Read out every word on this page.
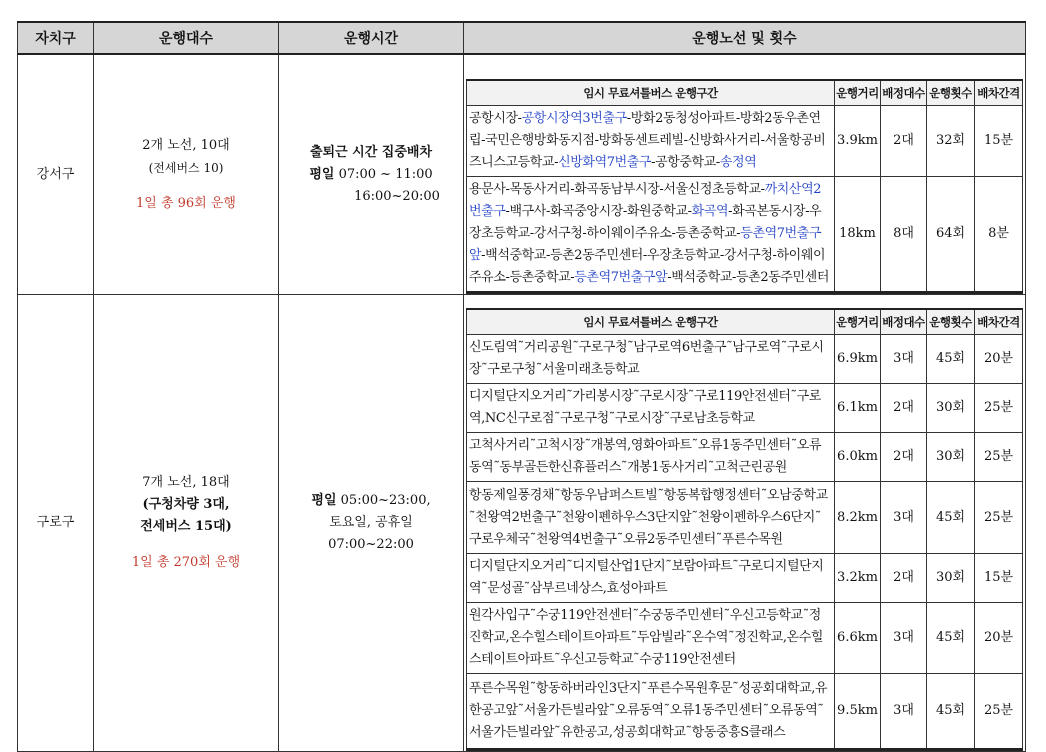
자치구	운행대수	운행시간	운행노선 및 횟수
강서구	
2개 노선, 10대
(전세버스 10)
1일 총 96회 운행

출퇴근 시간 집중배차
평일 07:00 ~ 11:00
16:00~20:00

임시 무료셔틀버스 운행구간	운행거리	배정대수	운행횟수	배차간격
공항시장-공항시장역3번출구-방화2동청성아파트-방화2동우촌연립-국민은행방화동지점-방화동센트레빌-신방화사거리-서울항공비즈니스고등학교-신방화역7번출구-공항중학교-송정역	3.9km	2대	32회	15분
용문사-목동사거리-화곡동남부시장-서울신정초등학교-까치산역2번출구-백구사-화곡중앙시장-화원중학교-화곡역-화곡본동시장-우장초등학교-강서구청-하이웨이주유소-등촌중학교-등촌역7번출구앞-백석중학교-등촌2동주민센터-우장초등학교-강서구청-하이웨이주유소-등촌중학교-등촌역7번출구앞-백석중학교-등촌2동주민센터	18km	8대	64회	8분

구로구	
7개 노선, 18대
(구청차량 3대,
전세버스 15대)
1일 총 270회 운행

평일 05:00~23:00,
토요일, 공휴일
07:00~22:00

임시 무료셔틀버스 운행구간	운행거리	배정대수	운행횟수	배차간격
신도림역˜거리공원˜구로구청˜남구로역6번출구˜남구로역˜구로시장˜구로구청˜서울미래초등학교	6.9km	3대	45회	20분
디지털단지오거리˜가리봉시장˜구로시장˜구로119안전센터˜구로역,NC신구로점˜구로구청˜구로시장˜구로남초등학교	6.1km	2대	30회	25분
고척사거리˜고척시장˜개봉역,영화아파트˜오류1동주민센터˜오류동역˜동부골든한신휴플러스˜개봉1동사거리˜고척근린공원	6.0km	2대	30회	25분
항동제일풍경채˜항동우남퍼스트빌˜항동복합행정센터˜오남중학교˜천왕역2번출구˜천왕이펜하우스3단지앞˜천왕이펜하우스6단지˜구로우체국˜천왕역4번출구˜오류2동주민센터˜푸른수목원	8.2km	3대	45회	25분
디지털단지오거리˜디지털산업1단지˜보람아파트˜구로디지털단지역˜문성골˜삼부르네상스,효성아파트	3.2km	2대	30회	15분
원각사입구˜수궁119안전센터˜수궁동주민센터˜우신고등학교˜정진학교,온수힐스테이트아파트˜두암빌라˜온수역˜정진학교,온수힐스테이트아파트˜우신고등학교˜수궁119안전센터	6.6km	3대	45회	20분
푸른수목원˜항동하버라인3단지˜푸른수목원후문˜성공회대학교,유한공고앞˜서울가든빌라앞˜오류동역˜오류1동주민센터˜오류동역˜서울가든빌라앞˜유한공고,성공회대학교˜항동중흥S클래스	9.5km	3대	45회	25분
